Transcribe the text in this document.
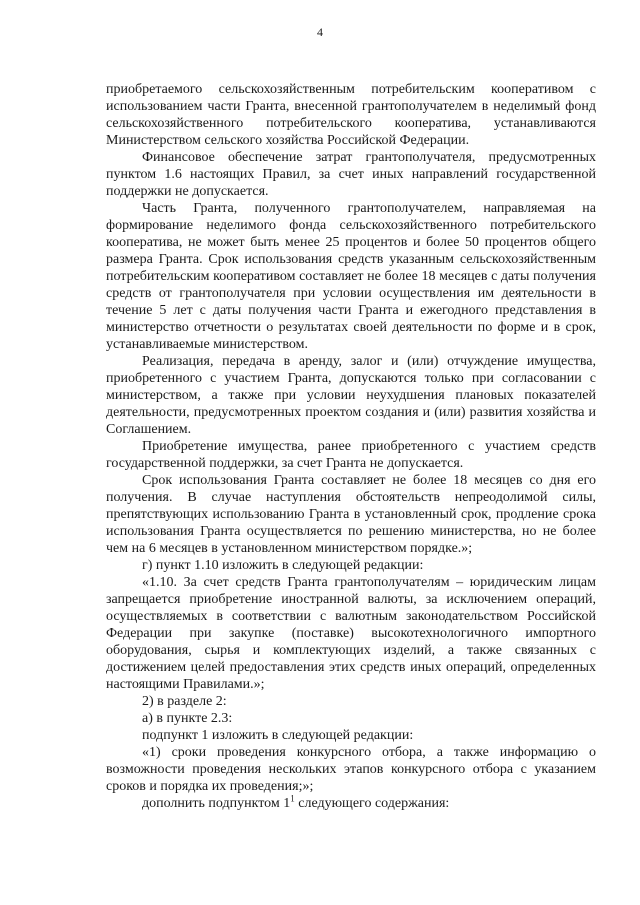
4

приобретаемого сельскохозяйственным потребительским кооперативом с использованием части Гранта, внесенной грантополучателем в неделимый фонд сельскохозяйственного потребительского кооператива, устанавливаются Министерством сельского хозяйства Российской Федерации.

Финансовое обеспечение затрат грантополучателя, предусмотренных пунктом 1.6 настоящих Правил, за счет иных направлений государственной поддержки не допускается.

Часть Гранта, полученного грантополучателем, направляемая на формирование неделимого фонда сельскохозяйственного потребительского кооператива, не может быть менее 25 процентов и более 50 процентов общего размера Гранта. Срок использования средств указанным сельскохозяйственным потребительским кооперативом составляет не более 18 месяцев с даты получения средств от грантополучателя при условии осуществления им деятельности в течение 5 лет с даты получения части Гранта и ежегодного представления в министерство отчетности о результатах своей деятельности по форме и в срок, устанавливаемые министерством.

Реализация, передача в аренду, залог и (или) отчуждение имущества, приобретенного с участием Гранта, допускаются только при согласовании с министерством, а также при условии неухудшения плановых показателей деятельности, предусмотренных проектом создания и (или) развития хозяйства и Соглашением.

Приобретение имущества, ранее приобретенного с участием средств государственной поддержки, за счет Гранта не допускается.

Срок использования Гранта составляет не более 18 месяцев со дня его получения. В случае наступления обстоятельств непреодолимой силы, препятствующих использованию Гранта в установленный срок, продление срока использования Гранта осуществляется по решению министерства, но не более чем на 6 месяцев в установленном министерством порядке.»;

г) пункт 1.10 изложить в следующей редакции:

«1.10. За счет средств Гранта грантополучателям – юридическим лицам запрещается приобретение иностранной валюты, за исключением операций, осуществляемых в соответствии с валютным законодательством Российской Федерации при закупке (поставке) высокотехнологичного импортного оборудования, сырья и комплектующих изделий, а также связанных с достижением целей предоставления этих средств иных операций, определенных настоящими Правилами.»;

2) в разделе 2:

а) в пункте 2.3:

подпункт 1 изложить в следующей редакции:

«1) сроки проведения конкурсного отбора, а также информацию о возможности проведения нескольких этапов конкурсного отбора с указанием сроков и порядка их проведения;»;

дополнить подпунктом $1^1$ следующего содержания:
